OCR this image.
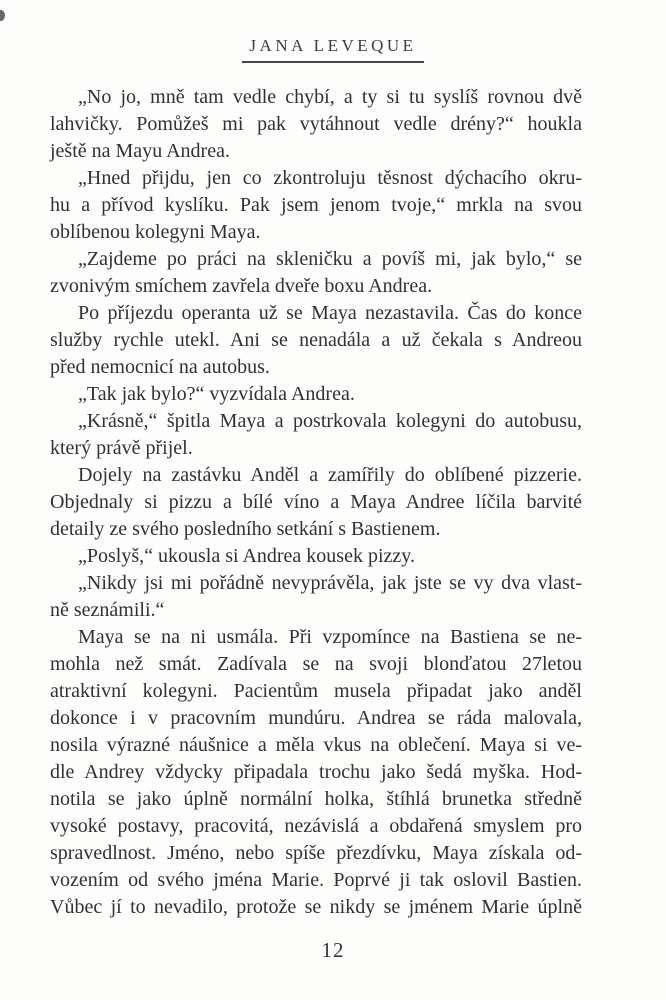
JANA LEVEQUE

„No jo, mně tam vedle chybí, a ty si tu syslíš rovnou dvě
lahvičky. Pomůžeš mi pak vytáhnout vedle drény?“ houkla
ještě na Mayu Andrea.

„Hned přijdu, jen co zkontroluju těsnost dýchacího okru-
hu a přívod kyslíku. Pak jsem jenom tvoje,“ mrkla na svou
oblíbenou kolegyni Maya.

„Zajdeme po práci na skleničku a povíš mi, jak bylo,“ se
zvonivým smíchem zavřela dveře boxu Andrea.

Po příjezdu operanta už se Maya nezastavila. Čas do konce
služby rychle utekl. Ani se nenadála a už čekala s Andreou
před nemocnicí na autobus.

„Tak jak bylo?“ vyzvídala Andrea.

„Krásně,“ špitla Maya a postrkovala kolegyni do autobusu,
který právě přijel.

Dojely na zastávku Anděl a zamířily do oblíbené pizzerie.
Objednaly si pizzu a bílé víno a Maya Andree líčila barvité
detaily ze svého posledního setkání s Bastienem.

„Poslyš,“ ukousla si Andrea kousek pizzy.

„Nikdy jsi mi pořádně nevyprávěla, jak jste se vy dva vlast-
ně seznámili.“

Maya se na ni usmála. Při vzpomínce na Bastiena se ne-
mohla než smát. Zadívala se na svoji blonďatou 27letou
atraktivní kolegyni. Pacientům musela připadat jako anděl
dokonce i v pracovním mundúru. Andrea se ráda malovala,
nosila výrazné náušnice a měla vkus na oblečení. Maya si ve-
dle Andrey vždycky připadala trochu jako šedá myška. Hod-
notila se jako úplně normální holka, štíhlá brunetka středně
vysoké postavy, pracovitá, nezávislá a obdařená smyslem pro
spravedlnost. Jméno, nebo spíše přezdívku, Maya získala od-
vozením od svého jména Marie. Poprvé ji tak oslovil Bastien.
Vůbec jí to nevadilo, protože se nikdy se jménem Marie úplně

12
